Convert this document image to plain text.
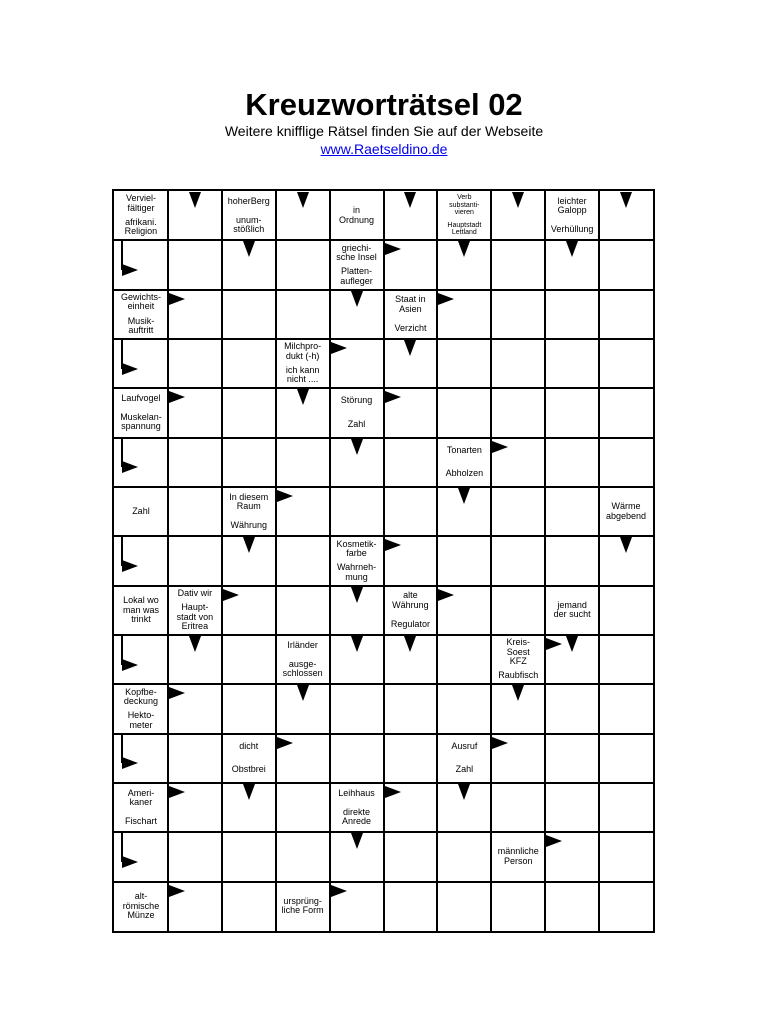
Kreuzworträtsel 02
Weitere knifflige Rätsel finden Sie auf der Webseite
www.Raetseldino.de
Verviel-
fältiger
afrikani.
Religion
hoherBerg
unum-
stößlich
in
Ordnung
Verb
substanti-
vieren
Hauptstadt
Lettland
leichter
Galopp
Verhüllung
griechi-
sche Insel
Platten-
aufleger
Gewichts-
einheit
Musik-
auftritt
Staat in
Asien
Verzicht
Milchpro-
dukt (-h)
ich kann
nicht ....
Laufvogel
Muskelan-
spannung
Störung
Zahl
Tonarten
Abholzen
Zahl
In diesem
Raum
Währung
Wärme
abgebend
Kosmetik-
farbe
Wahrneh-
mung
Lokal wo
man was
trinkt
Dativ wir
Haupt-
stadt von
Eritrea
alte
Währung
Regulator
jemand
der sucht
Irländer
ausge-
schlossen
Kreis-
Soest
KFZ
Raubfisch
Kopfbe-
deckung
Hekto-
meter
dicht
Obstbrei
Ausruf
Zahl
Ameri-
kaner
Fischart
Leihhaus
direkte
Anrede
männliche
Person
alt-
römische
Münze
ursprüng-
liche Form
